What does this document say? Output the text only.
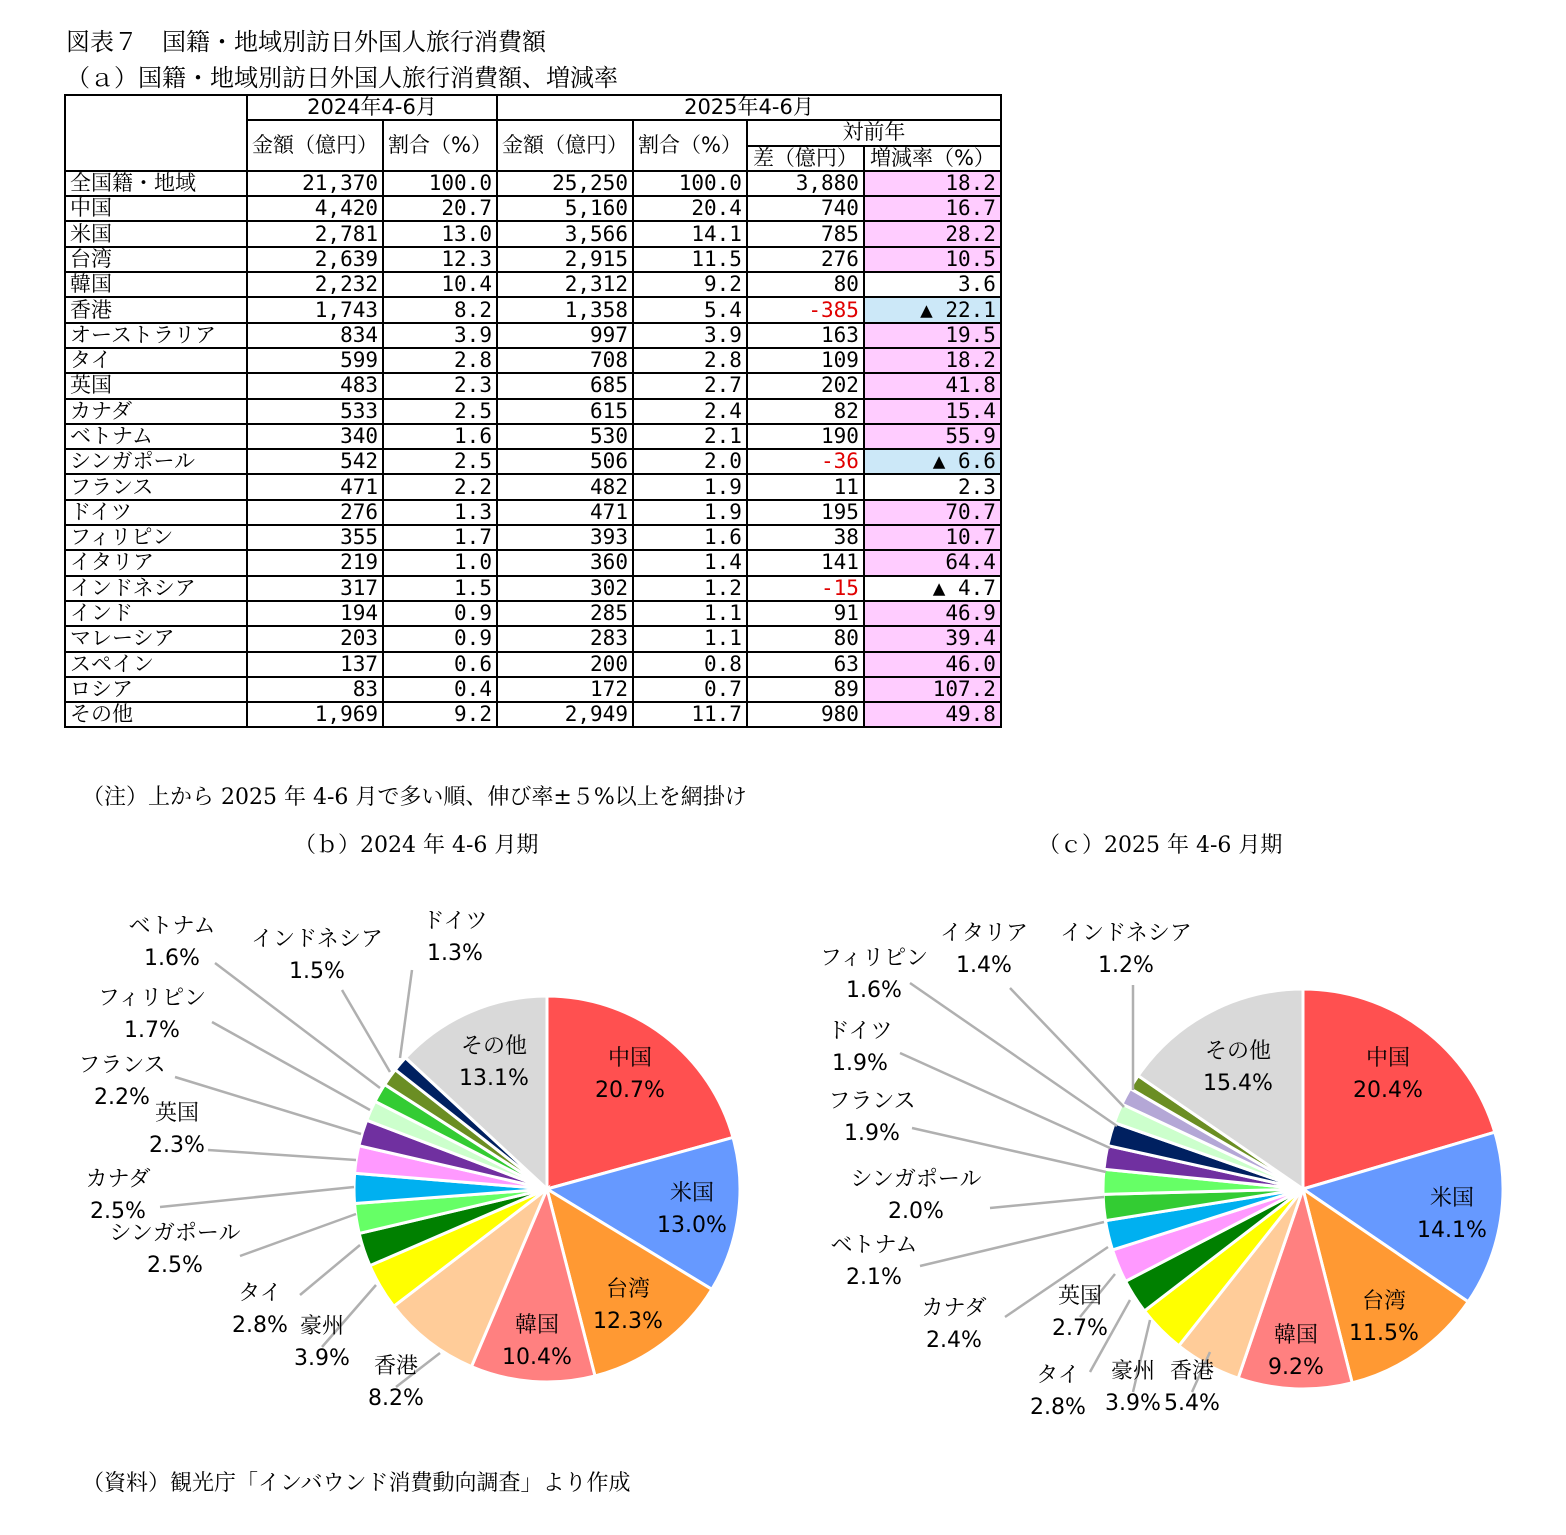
図表７　国籍・地域別訪日外国人旅行消費額
（ａ）国籍・地域別訪日外国人旅行消費額、増減率
	2024年4-6月		2025年4-6月			
	金額（億円）	割合（%）	金額（億円）	割合（%）	対前年	
					差（億円）	増減率（%）
全国籍・地域	21,370	100.0	25,250	100.0	3,880	18.2
中国	4,420	20.7	5,160	20.4	740	16.7
米国	2,781	13.0	3,566	14.1	785	28.2
台湾	2,639	12.3	2,915	11.5	276	10.5
韓国	2,232	10.4	2,312	9.2	80	3.6
香港	1,743	8.2	1,358	5.4	-385	▲ 22.1
オーストラリア	834	3.9	997	3.9	163	19.5
タイ	599	2.8	708	2.8	109	18.2
英国	483	2.3	685	2.7	202	41.8
カナダ	533	2.5	615	2.4	82	15.4
ベトナム	340	1.6	530	2.1	190	55.9
シンガポール	542	2.5	506	2.0	-36	▲ 6.6
フランス	471	2.2	482	1.9	11	2.3
ドイツ	276	1.3	471	1.9	195	70.7
フィリピン	355	1.7	393	1.6	38	10.7
イタリア	219	1.0	360	1.4	141	64.4
インドネシア	317	1.5	302	1.2	-15	▲ 4.7
インド	194	0.9	285	1.1	91	46.9
マレーシア	203	0.9	283	1.1	80	39.4
スペイン	137	0.6	200	0.8	63	46.0
ロシア	83	0.4	172	0.7	89	107.2
その他	1,969	9.2	2,949	11.7	980	49.8
（注）上から 2025 年 4-6 月で多い順、伸び率±５%以上を網掛け
（ｂ）2024 年 4-6 月期	（ｃ）2025 年 4-6 月期
（資料）観光庁「インバウンド消費動向調査」より作成
中国
20.7%
米国
13.0%
台湾
12.3%
韓国
10.4%
香港
8.2%
豪州
3.9%
タイ
2.8%
シンガポール
2.5%
カナダ
2.5%
英国
2.3%
フランス
2.2%
フィリピン
1.7%
ベトナム
1.6%
インドネシア
1.5%
ドイツ
1.3%
その他
13.1%
中国
20.4%
米国
14.1%
台湾
11.5%
韓国
9.2%
香港
5.4%
豪州
3.9%
タイ
2.8%
英国
2.7%
カナダ
2.4%
ベトナム
2.1%
シンガポール
2.0%
フランス
1.9%
ドイツ
1.9%
フィリピン
1.6%
イタリア
1.4%
インドネシア
1.2%
その他
15.4%
